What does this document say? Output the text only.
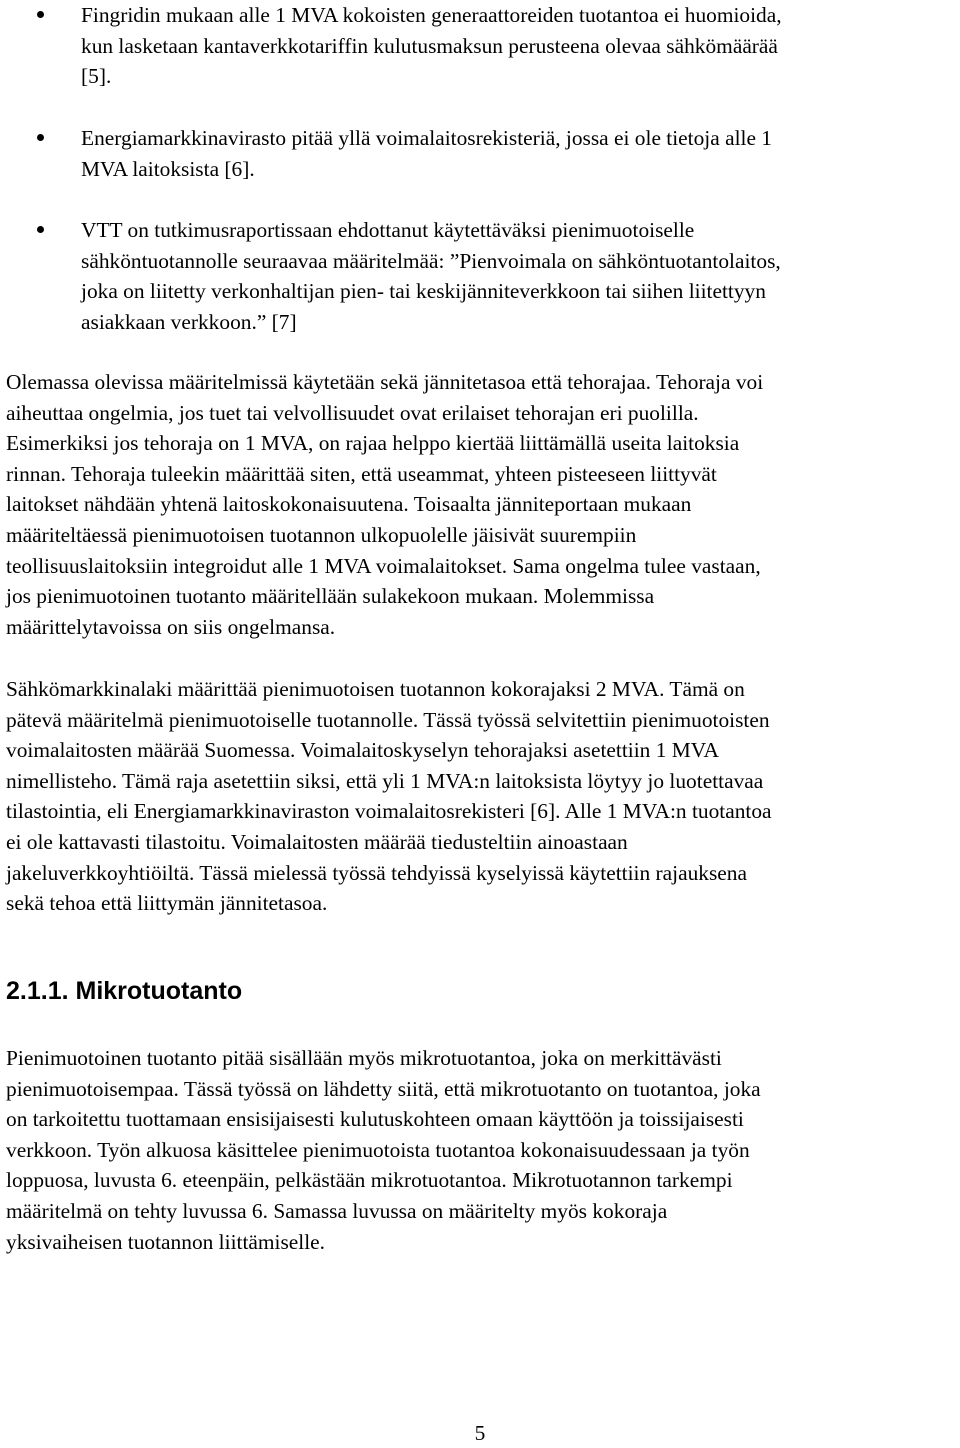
Fingridin mukaan alle 1 MVA kokoisten generaattoreiden tuotantoa ei huomioida,
kun lasketaan kantaverkkotariffin kulutusmaksun perusteena olevaa sähkömäärää
[5].
Energiamarkkinavirasto pitää yllä voimalaitosrekisteriä, jossa ei ole tietoja alle 1
MVA laitoksista [6].
VTT on tutkimusraportissaan ehdottanut käytettäväksi pienimuotoiselle
sähköntuotannolle seuraavaa määritelmää: ”Pienvoimala on sähköntuotantolaitos,
joka on liitetty verkonhaltijan pien- tai keskijänniteverkkoon tai siihen liitettyyn
asiakkaan verkkoon.” [7]
Olemassa olevissa määritelmissä käytetään sekä jännitetasoa että tehorajaa. Tehoraja voi
aiheuttaa ongelmia, jos tuet tai velvollisuudet ovat erilaiset tehorajan eri puolilla.
Esimerkiksi jos tehoraja on 1 MVA, on rajaa helppo kiertää liittämällä useita laitoksia
rinnan. Tehoraja tuleekin määrittää siten, että useammat, yhteen pisteeseen liittyvät
laitokset nähdään yhtenä laitoskokonaisuutena. Toisaalta jänniteportaan mukaan
määriteltäessä pienimuotoisen tuotannon ulkopuolelle jäisivät suurempiin
teollisuuslaitoksiin integroidut alle 1 MVA voimalaitokset. Sama ongelma tulee vastaan,
jos pienimuotoinen tuotanto määritellään sulakekoon mukaan. Molemmissa
määrittelytavoissa on siis ongelmansa.
Sähkömarkkinalaki määrittää pienimuotoisen tuotannon kokorajaksi 2 MVA. Tämä on
pätevä määritelmä pienimuotoiselle tuotannolle. Tässä työssä selvitettiin pienimuotoisten
voimalaitosten määrää Suomessa. Voimalaitoskyselyn tehorajaksi asetettiin 1 MVA
nimellisteho. Tämä raja asetettiin siksi, että yli 1 MVA:n laitoksista löytyy jo luotettavaa
tilastointia, eli Energiamarkkinaviraston voimalaitosrekisteri [6]. Alle 1 MVA:n tuotantoa
ei ole kattavasti tilastoitu. Voimalaitosten määrää tiedusteltiin ainoastaan
jakeluverkkoyhtiöiltä. Tässä mielessä työssä tehdyissä kyselyissä käytettiin rajauksena
sekä tehoa että liittymän jännitetasoa.
2.1.1. Mikrotuotanto
Pienimuotoinen tuotanto pitää sisällään myös mikrotuotantoa, joka on merkittävästi
pienimuotoisempaa. Tässä työssä on lähdetty siitä, että mikrotuotanto on tuotantoa, joka
on tarkoitettu tuottamaan ensisijaisesti kulutuskohteen omaan käyttöön ja toissijaisesti
verkkoon. Työn alkuosa käsittelee pienimuotoista tuotantoa kokonaisuudessaan ja työn
loppuosa, luvusta 6. eteenpäin, pelkästään mikrotuotantoa. Mikrotuotannon tarkempi
määritelmä on tehty luvussa 6. Samassa luvussa on määritelty myös kokoraja
yksivaiheisen tuotannon liittämiselle.
5
